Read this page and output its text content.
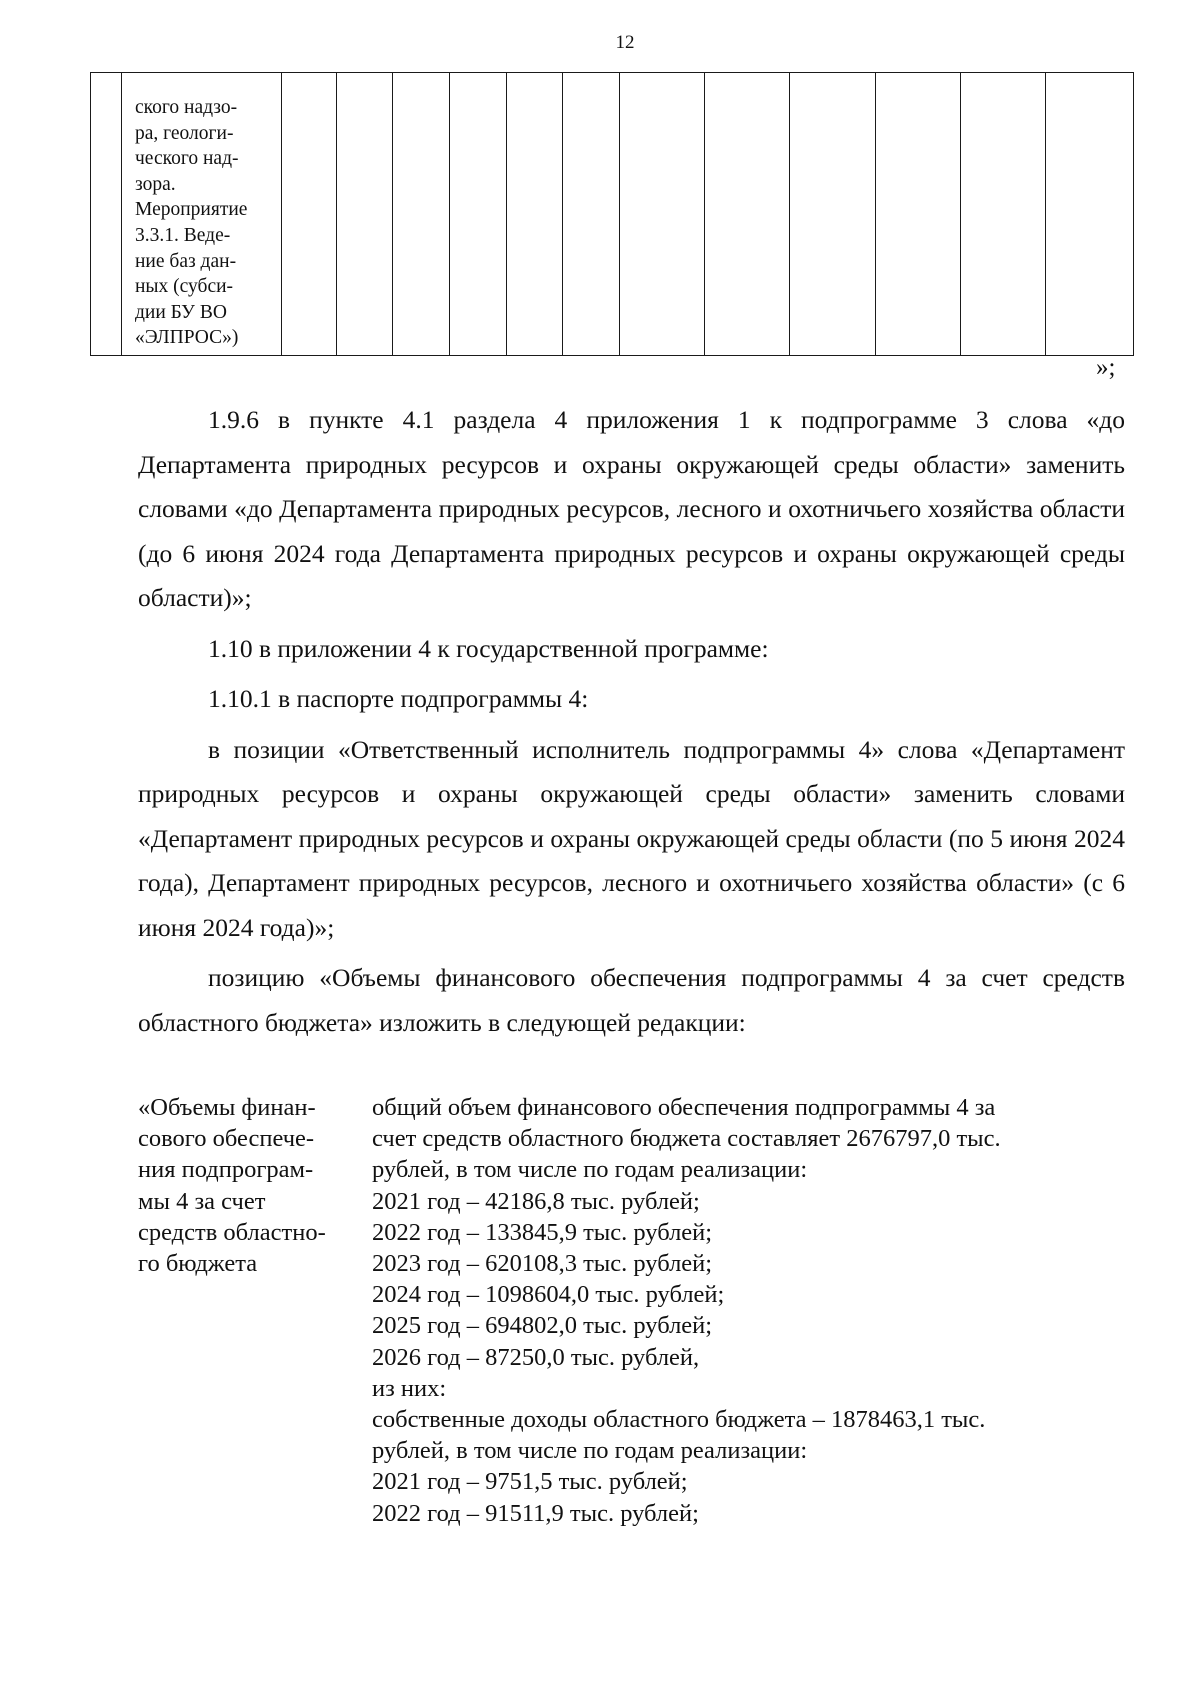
12
ского надзо-
ра, геологи-
ческого над-
зора.
Мероприятие
3.3.1. Веде-
ние баз дан-
ных (субси-
дии БУ ВО
«ЭЛПРОС»)
»;

1.9.6 в пункте 4.1 раздела 4 приложения 1 к подпрограмме 3 слова «до Департамента природных ресурсов и охраны окружающей среды области» заменить словами «до Департамента природных ресурсов, лесного и охотничьего хозяйства области (до 6 июня 2024 года Департамента природных ресурсов и охраны окружающей среды области)»;

1.10 в приложении 4 к государственной программе:

1.10.1 в паспорте подпрограммы 4:

в позиции «Ответственный исполнитель подпрограммы 4» слова «Департамент природных ресурсов и охраны окружающей среды области» заменить словами «Департамент природных ресурсов и охраны окружающей среды области (по 5 июня 2024 года), Департамент природных ресурсов, лесного и охотничьего хозяйства области» (с 6 июня 2024 года)»;

позицию «Объемы финансового обеспечения подпрограммы 4 за счет средств областного бюджета» изложить в следующей редакции:

«Объемы финан-
сового обеспече-
ния подпрограм-
мы 4 за счет
средств областно-
го бюджета
общий объем финансового обеспечения подпрограммы 4 за
счет средств областного бюджета составляет 2676797,0 тыс.
рублей, в том числе по годам реализации:
2021 год – 42186,8 тыс. рублей;
2022 год – 133845,9 тыс. рублей;
2023 год – 620108,3 тыс. рублей;
2024 год – 1098604,0 тыс. рублей;
2025 год – 694802,0 тыс. рублей;
2026 год – 87250,0 тыс. рублей,
из них:
собственные доходы областного бюджета – 1878463,1 тыс.
рублей, в том числе по годам реализации:
2021 год – 9751,5 тыс. рублей;
2022 год – 91511,9 тыс. рублей;
